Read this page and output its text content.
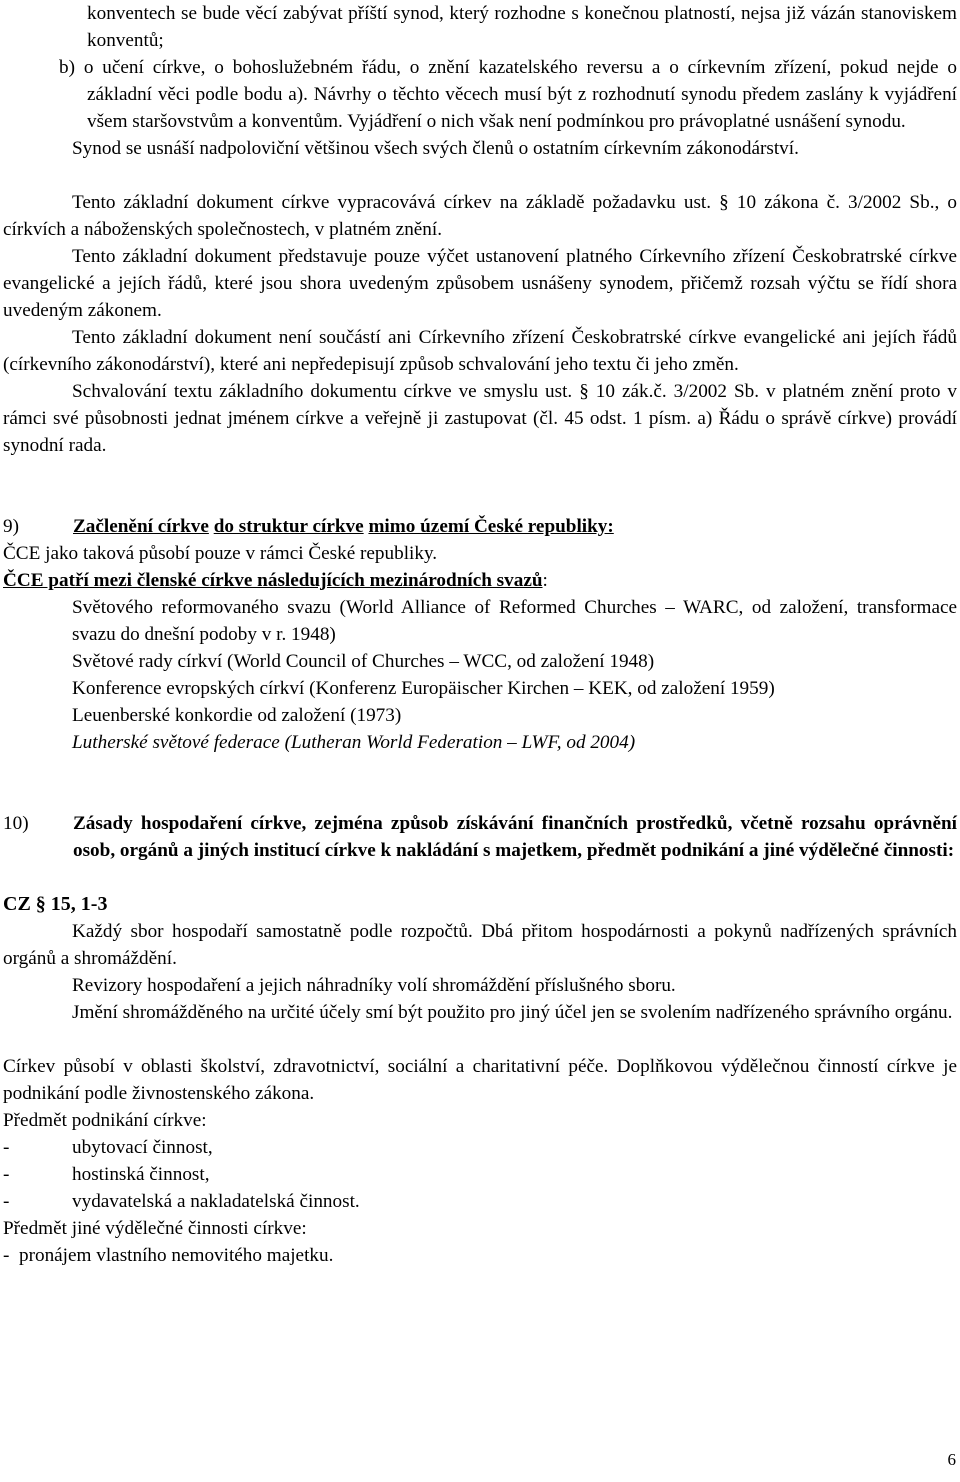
konventech se bude věcí zabývat příští synod, který rozhodne s konečnou platností, nejsa již vázán stanoviskem konventů;

b) o učení církve, o bohoslužebném řádu, o znění kazatelského reversu a o církevním zřízení, pokud nejde o základní věci podle bodu a). Návrhy o těchto věcech musí být z rozhodnutí synodu předem zaslány k vyjádření všem staršovstvům a konventům. Vyjádření o nich však není podmínkou pro právoplatné usnášení synodu.

Synod se usnáší nadpoloviční většinou všech svých členů o ostatním církevním zákonodárství.

Tento základní dokument církve vypracovává církev na základě požadavku ust. § 10 zákona č. 3/2002 Sb., o církvích a náboženských společnostech, v platném znění.

Tento základní dokument představuje pouze výčet ustanovení platného Církevního zřízení Českobratrské církve evangelické a jejích řádů, které jsou shora uvedeným způsobem usnášeny synodem, přičemž rozsah výčtu se řídí shora uvedeným zákonem.

Tento základní dokument není součástí ani Církevního zřízení Českobratrské církve evangelické ani jejích řádů (církevního zákonodárství), které ani nepředepisují způsob schvalování jeho textu či jeho změn.

Schvalování textu základního dokumentu církve ve smyslu ust. § 10 zák.č. 3/2002 Sb. v platném znění proto v rámci své působnosti jednat jménem církve a veřejně ji zastupovat (čl. 45 odst. 1 písm. a) Řádu o správě církve) provádí synodní rada.

9)	Začlenění církve do struktur církve mimo území České republiky:

ČCE jako taková působí pouze v rámci České republiky.

ČCE patří mezi členské církve následujících mezinárodních svazů:

Světového reformovaného svazu (World Alliance of Reformed Churches – WARC, od založení, transformace svazu do dnešní podoby v r. 1948)

Světové rady církví (World Council of Churches – WCC, od založení 1948)

Konference evropských církví (Konferenz Europäischer Kirchen – KEK, od založení 1959)

Leuenberské konkordie od založení (1973)

Lutherské světové federace (Lutheran World Federation – LWF, od 2004)

10)	Zásady hospodaření církve, zejména způsob získávání finančních prostředků, včetně rozsahu oprávnění osob, orgánů a jiných institucí církve k nakládání s majetkem, předmět podnikání a jiné výdělečné činnosti:

CZ § 15, 1-3

Každý sbor hospodaří samostatně podle rozpočtů. Dbá přitom hospodárnosti a pokynů nadřízených správních orgánů a shromáždění.

Revizory hospodaření a jejich náhradníky volí shromáždění příslušného sboru.

Jmění shromážděného na určité účely smí být použito pro jiný účel jen se svolením nadřízeného správního orgánu.

Církev působí v oblasti školství, zdravotnictví, sociální a charitativní péče. Doplňkovou výdělečnou činností církve je podnikání podle živnostenského zákona.

Předmět podnikání církve:

-	ubytovací činnost,
-	hostinská činnost,
-	vydavatelská a nakladatelská činnost.

Předmět jiné výdělečné činnosti církve:

- pronájem vlastního nemovitého majetku.
6
